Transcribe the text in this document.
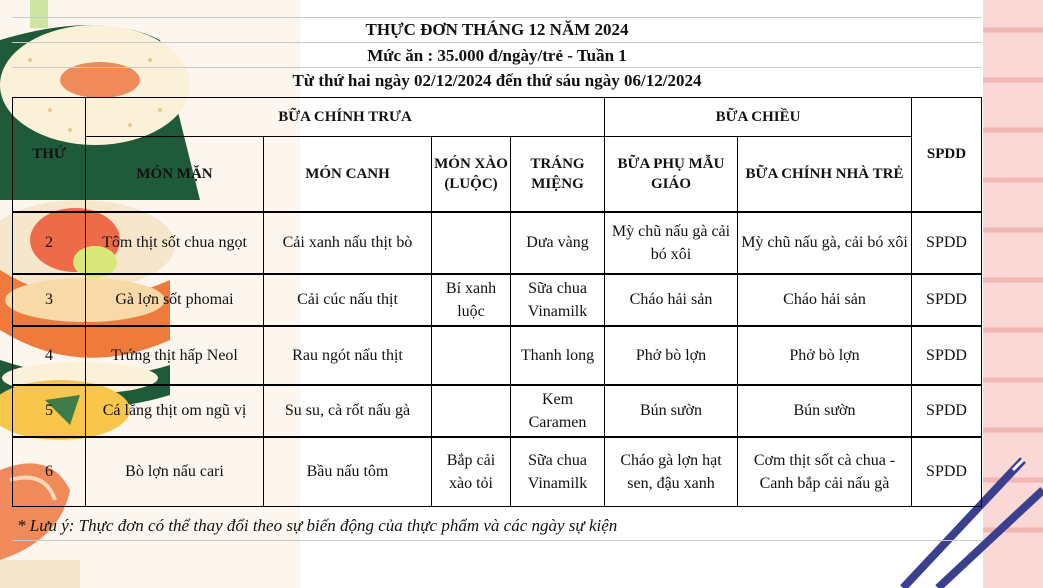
THỰC ĐƠN THÁNG 12 NĂM 2024
Mức ăn : 35.000 đ/ngày/trẻ - Tuần 1
Từ thứ hai ngày 02/12/2024 đến thứ sáu ngày 06/12/2024
THỨ	BỮA CHÍNH TRƯA				BỮA CHIỀU		SPDD
	MÓN MẶN	MÓN CANH	MÓN XÀO (LUỘC)	TRÁNG MIỆNG	BỮA PHỤ MẪU GIÁO	BỮA CHÍNH NHÀ TRẺ	
2	Tôm thịt sốt chua ngọt	Cải xanh nấu thịt bò		Dưa vàng	Mỳ chũ nấu gà cải bó xôi	Mỳ chũ nấu gà, cải bó xôi	SPDD
3	Gà lợn sốt phomai	Cải cúc nấu thịt	Bí xanh luộc	Sữa chua Vinamilk	Cháo hải sản	Cháo hải sản	SPDD
4	Trứng thịt hấp Neol	Rau ngót nấu thịt		Thanh long	Phở bò lợn	Phở bò lợn	SPDD
5	Cá lăng thịt om ngũ vị	Su su, cà rốt nấu gà		Kem Caramen	Bún sườn	Bún sườn	SPDD
6	Bò lợn nấu cari	Bầu nấu tôm	Bắp cải xào tỏi	Sữa chua Vinamilk	Cháo gà lợn hạt sen, đậu xanh	Cơm thịt sốt cà chua - Canh bắp cải nấu gà	SPDD
* Lưu ý: Thực đơn có thể thay đổi theo sự biến động của thực phẩm và các ngày sự kiện
